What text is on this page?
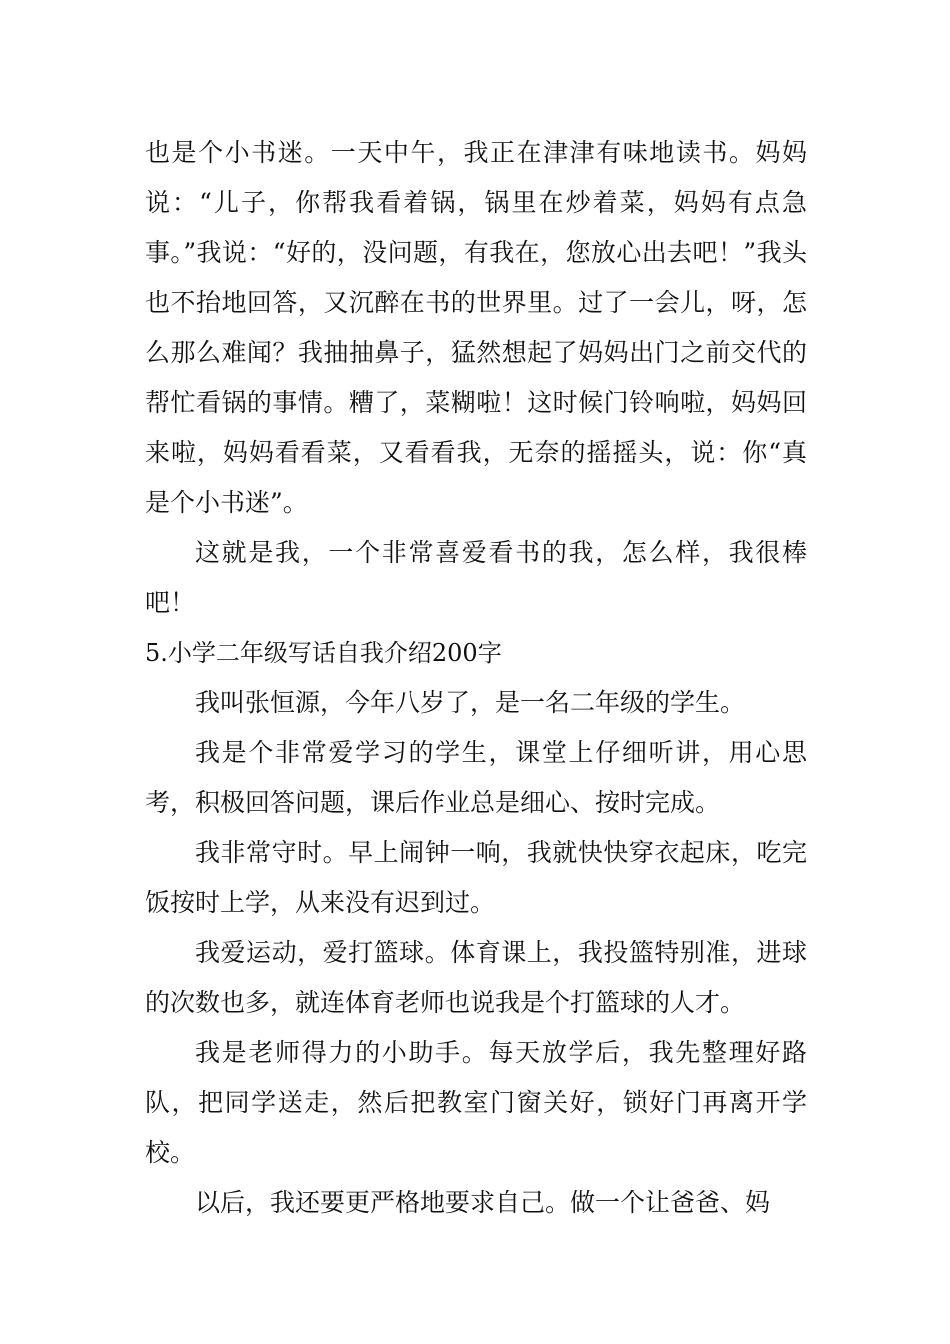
也是个小书迷。一天中午，我正在津津有味地读书。妈妈说：“儿子，你帮我看着锅，锅里在炒着菜，妈妈有点急事。”我说：“好的，没问题，有我在，您放心出去吧！”我头也不抬地回答，又沉醉在书的世界里。过了一会儿，呀，怎么那么难闻？我抽抽鼻子，猛然想起了妈妈出门之前交代的帮忙看锅的事情。糟了，菜糊啦！这时候门铃响啦，妈妈回来啦，妈妈看看菜，又看看我，无奈的摇摇头，说：你“真是个小书迷”。

这就是我，一个非常喜爱看书的我，怎么样，我很棒吧！

5.小学二年级写话自我介绍200字

我叫张恒源，今年八岁了，是一名二年级的学生。

我是个非常爱学习的学生，课堂上仔细听讲，用心思考，积极回答问题，课后作业总是细心、按时完成。

我非常守时。早上闹钟一响，我就快快穿衣起床，吃完饭按时上学，从来没有迟到过。

我爱运动，爱打篮球。体育课上，我投篮特别准，进球的次数也多，就连体育老师也说我是个打篮球的人才。

我是老师得力的小助手。每天放学后，我先整理好路队，把同学送走，然后把教室门窗关好，锁好门再离开学校。

以后，我还要更严格地要求自己。做一个让爸爸、妈
